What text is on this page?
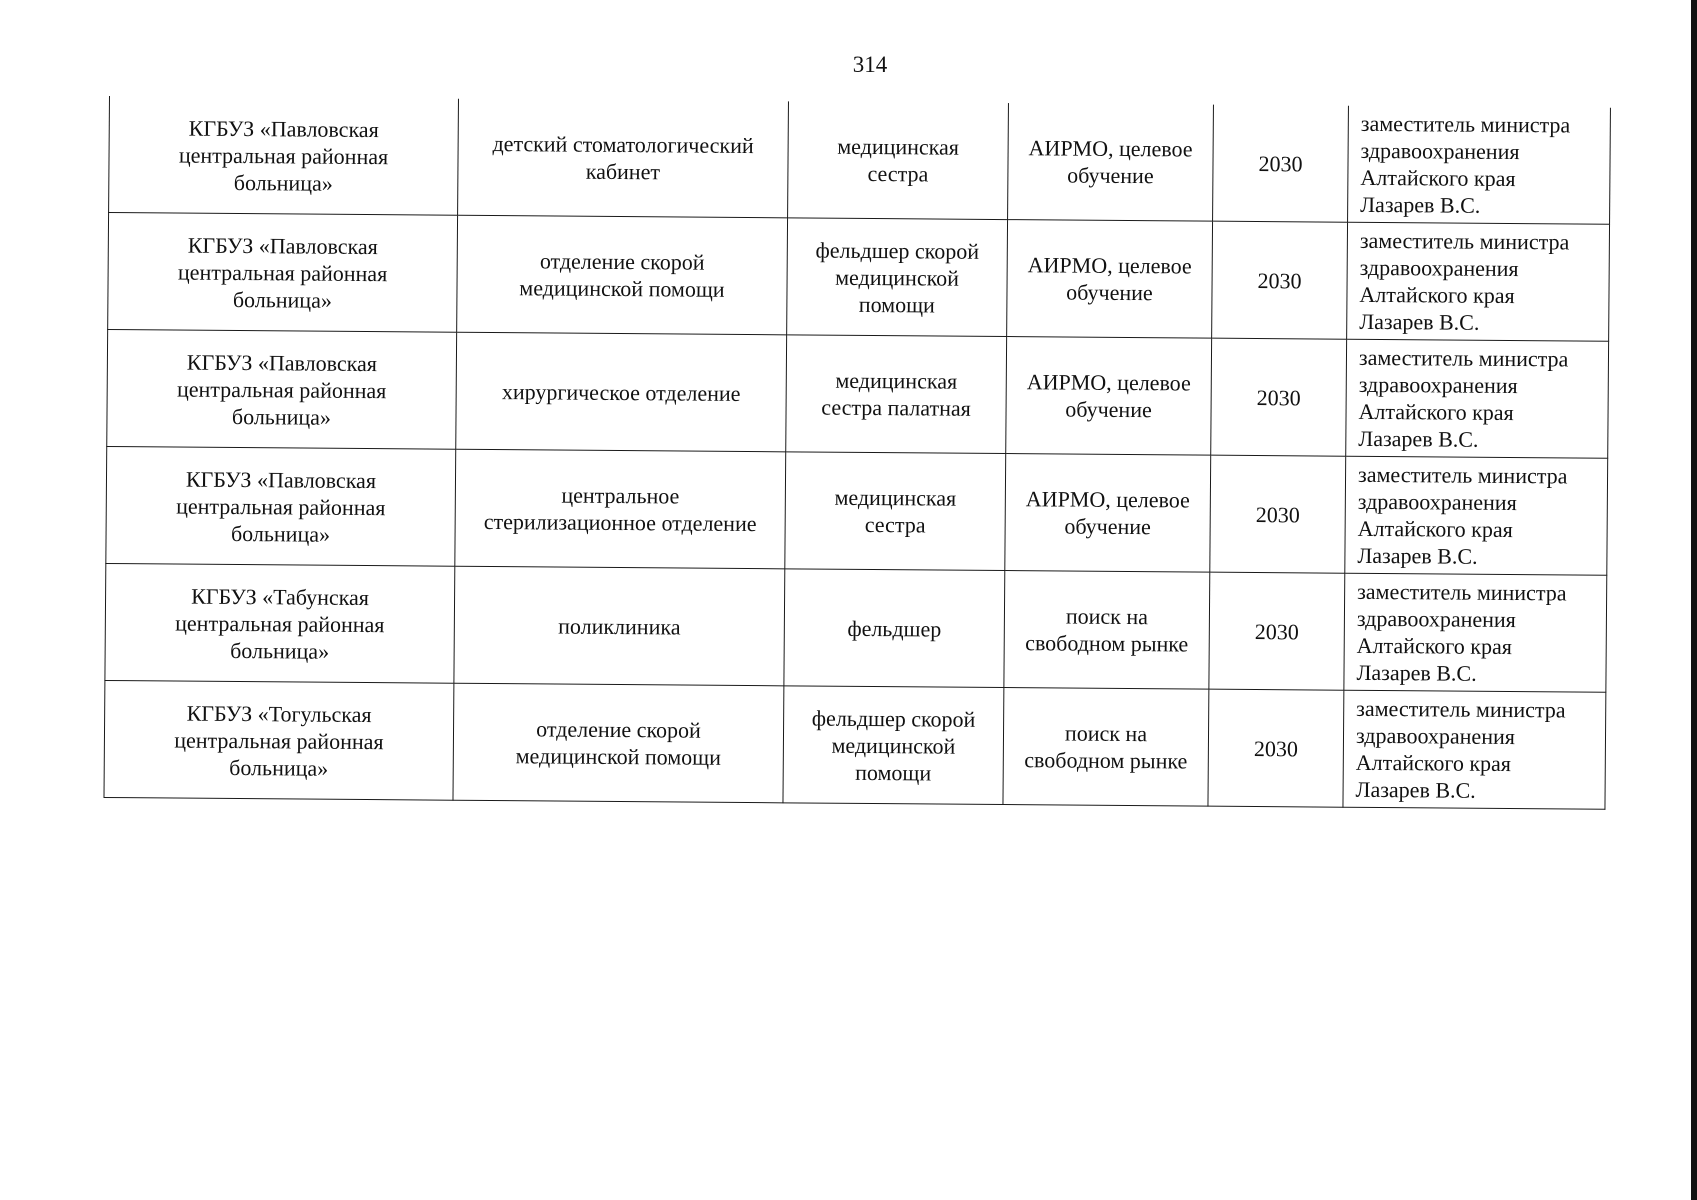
314
КГБУЗ «Павловская
центральная районная
больница»	детский стоматологический
кабинет	медицинская
сестра	АИРМО, целевое
обучение	2030	заместитель министра
здравоохранения
Алтайского края
Лазарев В.С.
КГБУЗ «Павловская
центральная районная
больница»	отделение скорой
медицинской помощи	фельдшер скорой
медицинской
помощи	АИРМО, целевое
обучение	2030	заместитель министра
здравоохранения
Алтайского края
Лазарев В.С.
КГБУЗ «Павловская
центральная районная
больница»	хирургическое отделение	медицинская
сестра палатная	АИРМО, целевое
обучение	2030	заместитель министра
здравоохранения
Алтайского края
Лазарев В.С.
КГБУЗ «Павловская
центральная районная
больница»	центральное
стерилизационное отделение	медицинская
сестра	АИРМО, целевое
обучение	2030	заместитель министра
здравоохранения
Алтайского края
Лазарев В.С.
КГБУЗ «Табунская
центральная районная
больница»	поликлиника	фельдшер	поиск на
свободном рынке	2030	заместитель министра
здравоохранения
Алтайского края
Лазарев В.С.
КГБУЗ «Тогульская
центральная районная
больница»	отделение скорой
медицинской помощи	фельдшер скорой
медицинской
помощи	поиск на
свободном рынке	2030	заместитель министра
здравоохранения
Алтайского края
Лазарев В.С.
